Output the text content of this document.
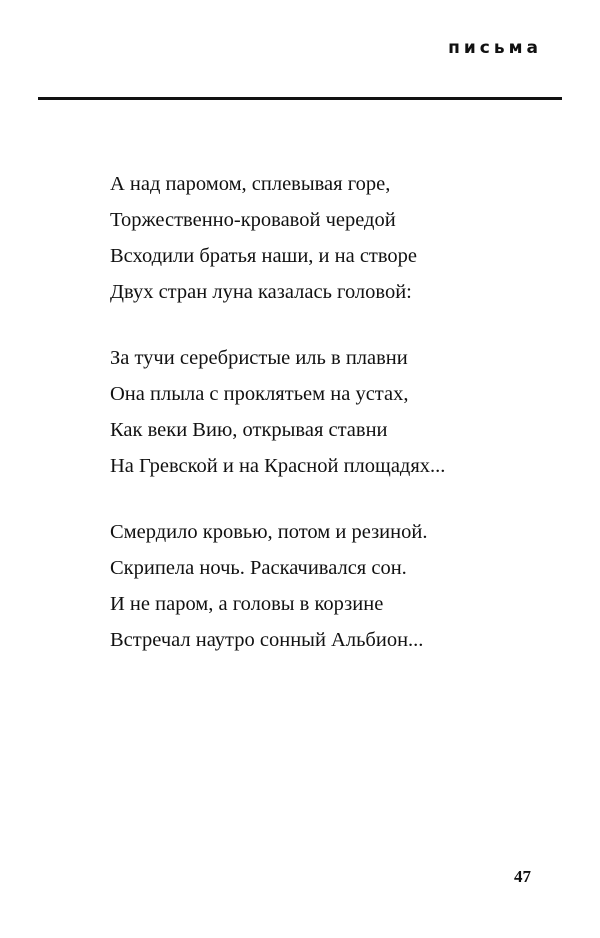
письма
А над паромом, сплевывая горе,
Торжественно-кровавой чередой
Всходили братья наши, и на створе
Двух стран луна казалась головой:
За тучи серебристые иль в плавни
Она плыла с проклятьем на устах,
Как веки Вию, открывая ставни
На Гревской и на Красной площадях...
Смердило кровью, потом и резиной.
Скрипела ночь. Раскачивался сон.
И не паром, а головы в корзине
Встречал наутро сонный Альбион...
47
